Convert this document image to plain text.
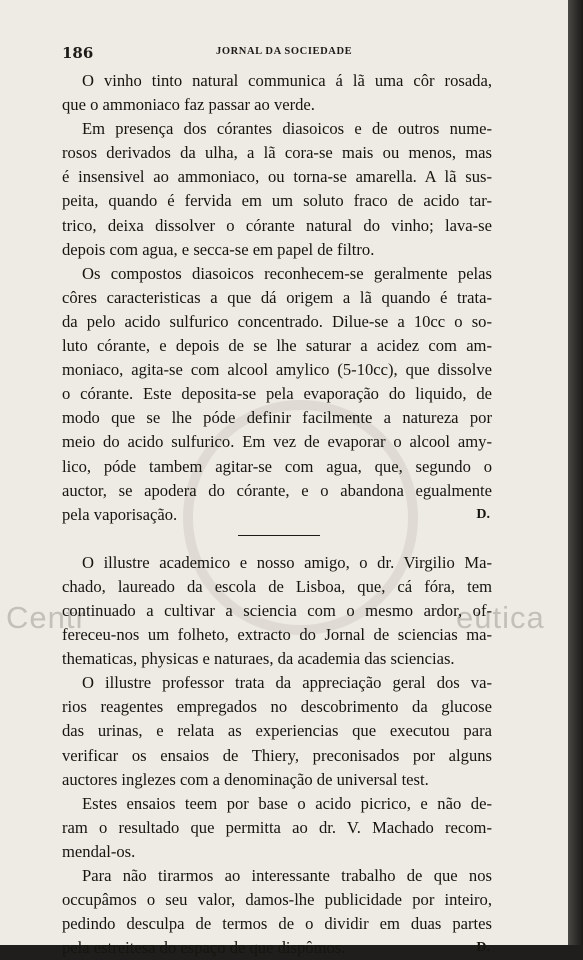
186	JORNAL DA SOCIEDADE
Centr	eutica
O vinho tinto natural communica á lã uma côr rosada,
que o ammoniaco faz passar ao verde.
Em presença dos córantes diasoicos e de outros nume-
rosos derivados da ulha, a lã cora-se mais ou menos, mas
é insensivel ao ammoniaco, ou torna-se amarella. A lã sus-
peita, quando é fervida em um soluto fraco de acido tar-
trico, deixa dissolver o córante natural do vinho; lava-se
depois com agua, e secca-se em papel de filtro.
Os compostos diasoicos reconhecem-se geralmente pelas
côres caracteristicas a que dá origem a lã quando é trata-
da pelo acido sulfurico concentrado. Dilue-se a 10cc o so-
luto córante, e depois de se lhe saturar a acidez com am-
moniaco, agita-se com alcool amylico (5-10cc), que dissolve
o córante. Este deposita-se pela evaporação do liquido, de
modo que se lhe póde definir facilmente a natureza por
meio do acido sulfurico. Em vez de evaporar o alcool amy-
lico, póde tambem agitar-se com agua, que, segundo o
auctor, se apodera do córante, e o abandona egualmente
pela vaporisação.	D.
O illustre academico e nosso amigo, o dr. Virgilio Ma-
chado, laureado da escola de Lisboa, que, cá fóra, tem
continuado a cultivar a sciencia com o mesmo ardor, of-
fereceu-nos um folheto, extracto do Jornal de sciencias ma-
thematicas, physicas e naturaes, da academia das sciencias.
O illustre professor trata da appreciação geral dos va-
rios reagentes empregados no descobrimento da glucose
das urinas, e relata as experiencias que executou para
verificar os ensaios de Thiery, preconisados por alguns
auctores inglezes com a denominação de universal test.
Estes ensaios teem por base o acido picrico, e não de-
ram o resultado que permitta ao dr. V. Machado recom-
mendal-os.
Para não tirarmos ao interessante trabalho de que nos
occupâmos o seu valor, damos-lhe publicidade por inteiro,
pedindo desculpa de termos de o dividir em duas partes
pela estreitesa do espaço de que dispômos.	D.
